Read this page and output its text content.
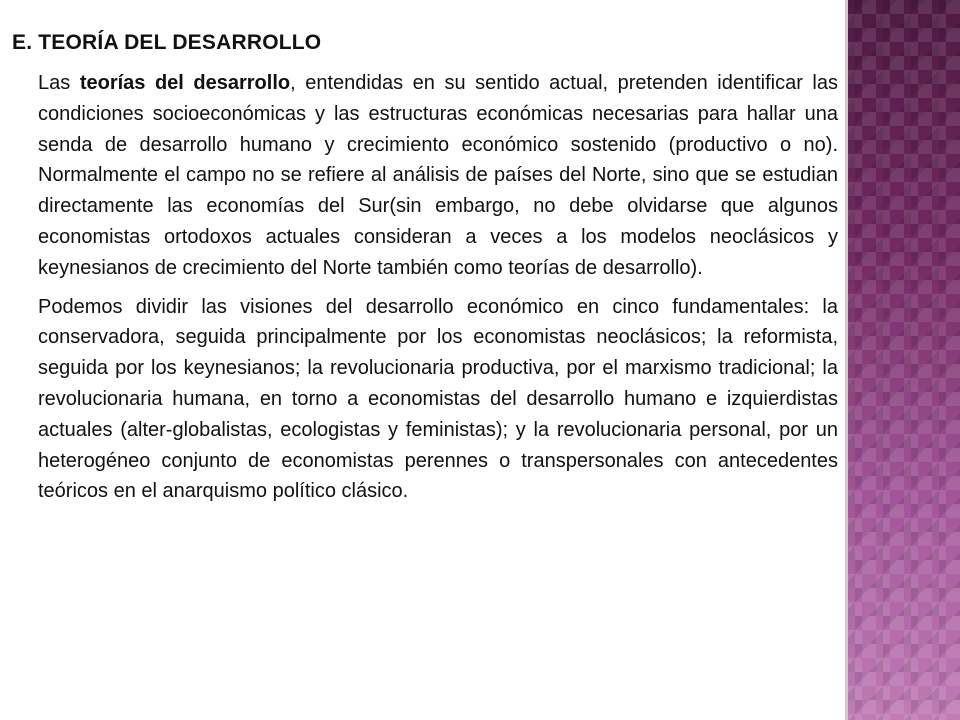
E. TEORÍA DEL DESARROLLO

Las teorías del desarrollo, entendidas en su sentido actual, pretenden identificar las condiciones socioeconómicas y las estructuras económicas necesarias para hallar una senda de desarrollo humano y crecimiento económico sostenido (productivo o no). Normalmente el campo no se refiere al análisis de países del Norte, sino que se estudian directamente las economías del Sur(sin embargo, no debe olvidarse que algunos economistas ortodoxos actuales consideran a veces a los modelos neoclásicos y keynesianos de crecimiento del Norte también como teorías de desarrollo).

Podemos dividir las visiones del desarrollo económico en cinco fundamentales: la conservadora, seguida principalmente por los economistas neoclásicos; la reformista, seguida por los keynesianos; la revolucionaria productiva, por el marxismo tradicional; la revolucionaria humana, en torno a economistas del desarrollo humano e izquierdistas actuales (alter-globalistas, ecologistas y feministas); y la revolucionaria personal, por un heterogéneo conjunto de economistas perennes o transpersonales con antecedentes teóricos en el anarquismo político clásico.
